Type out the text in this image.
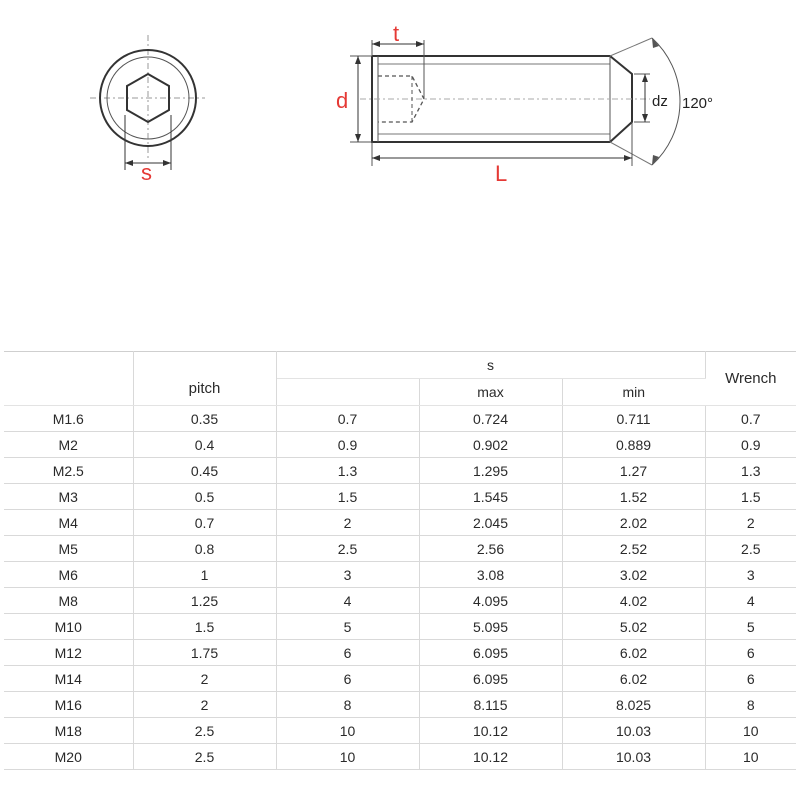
s
t
d
L
dz 120°
	pitch	s			Wrench
			max	min	
M1.6	0.35	0.7	0.724	0.711	0.7
M2	0.4	0.9	0.902	0.889	0.9
M2.5	0.45	1.3	1.295	1.27	1.3
M3	0.5	1.5	1.545	1.52	1.5
M4	0.7	2	2.045	2.02	2
M5	0.8	2.5	2.56	2.52	2.5
M6	1	3	3.08	3.02	3
M8	1.25	4	4.095	4.02	4
M10	1.5	5	5.095	5.02	5
M12	1.75	6	6.095	6.02	6
M14	2	6	6.095	6.02	6
M16	2	8	8.115	8.025	8
M18	2.5	10	10.12	10.03	10
M20	2.5	10	10.12	10.03	10
